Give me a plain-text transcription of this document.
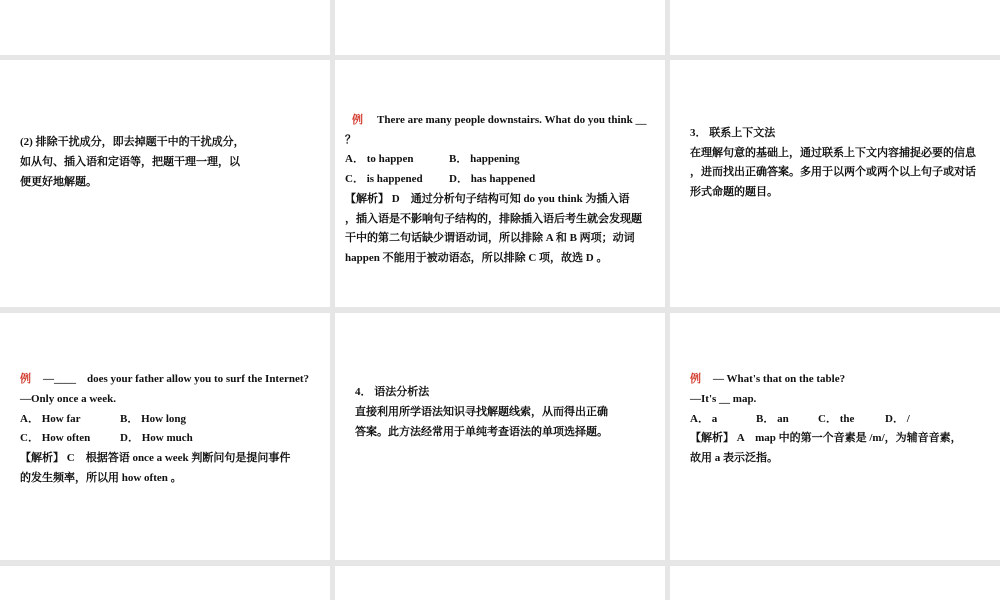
(2) 排除干扰成分，即去掉题干中的干扰成分，
如从句、插入语和定语等，把题干理一理，以
便更好地解题。
例 There are many people downstairs. What do you think __
？
A． to happen	B． happening
C． is happened D． has happened
【解析】 D　通过分析句子结构可知 do you think 为插入语
，插入语是不影响句子结构的，排除插入语后考生就会发现题
干中的第二句话缺少谓语动词，所以排除 A 和 B 两项；动词
happen 不能用于被动语态，所以排除 C 项，故选 D 。
3． 联系上下文法
在理解句意的基础上，通过联系上下文内容捕捉必要的信息
，进而找出正确答案。多用于以两个或两个以上句子或对话
形式命题的题目。
例 —____　does your father allow you to surf the Internet?
—Only once a week.
A． How far	B． How long
C． How often	D． How much
【解析】 C　根据答语 once a week 判断问句是提问事件
的发生频率，所以用 how often 。
4． 语法分析法
直接利用所学语法知识寻找解题线索，从而得出正确
答案。此方法经常用于单纯考查语法的单项选择题。
例 — What's that on the table?
—It's __ map.
A． a	B． an	C． the	D． /
【解析】 A　map 中的第一个音素是 /m/，为辅音音素，
故用 a 表示泛指。
